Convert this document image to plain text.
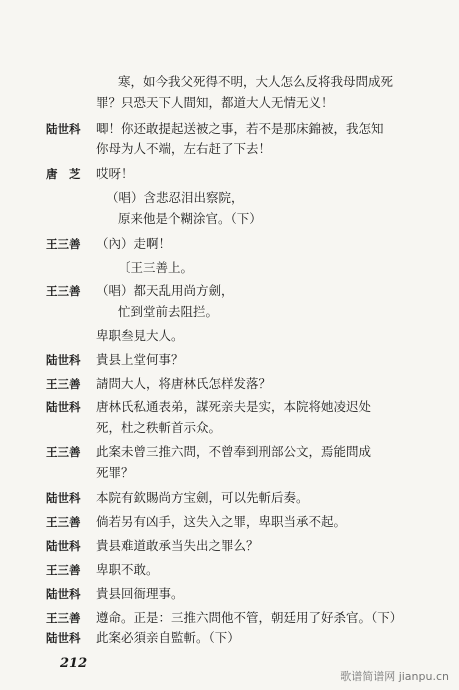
寒，如今我父死得不明，大人怎么反将我母問成死
罪？只恐天下人間知，都道大人无情无义！
陆世科 唧！你还敢提起送被之事，若不是那床錦被，我怎知
你母为人不端，左右赶了下去！
唐　芝 哎呀！
（唱）含悲忍泪出察院，
原来他是个糊涂官。（下）
王三善 （內）走啊！
〔王三善上。
王三善 （唱）都天乱用尚方劍，
忙到堂前去阻拦。
卑职叁見大人。
陆世科 貴县上堂何事？
王三善 請問大人，将唐林氏怎样发落？
陆世科 唐林氏私通表弟，謀死亲夫是实，本院将她凌迟处
死，杜之秩斬首示众。
王三善 此案未曾三推六問，不曾奉到刑部公文，焉能問成
死罪？
陆世科 本院有欽賜尚方宝劍，可以先斬后奏。
王三善 倘若另有凶手，这失入之罪，卑职当承不起。
陆世科 貴县难道敢承当失出之罪么？
王三善 卑职不敢。
陆世科 貴县回衙理事。
王三善 遵命。正是：三推六問他不管，朝廷用了好杀官。（下）
陆世科 此案必須亲自監斬。（下）
212
歌谱简谱网 jianpu.cn
